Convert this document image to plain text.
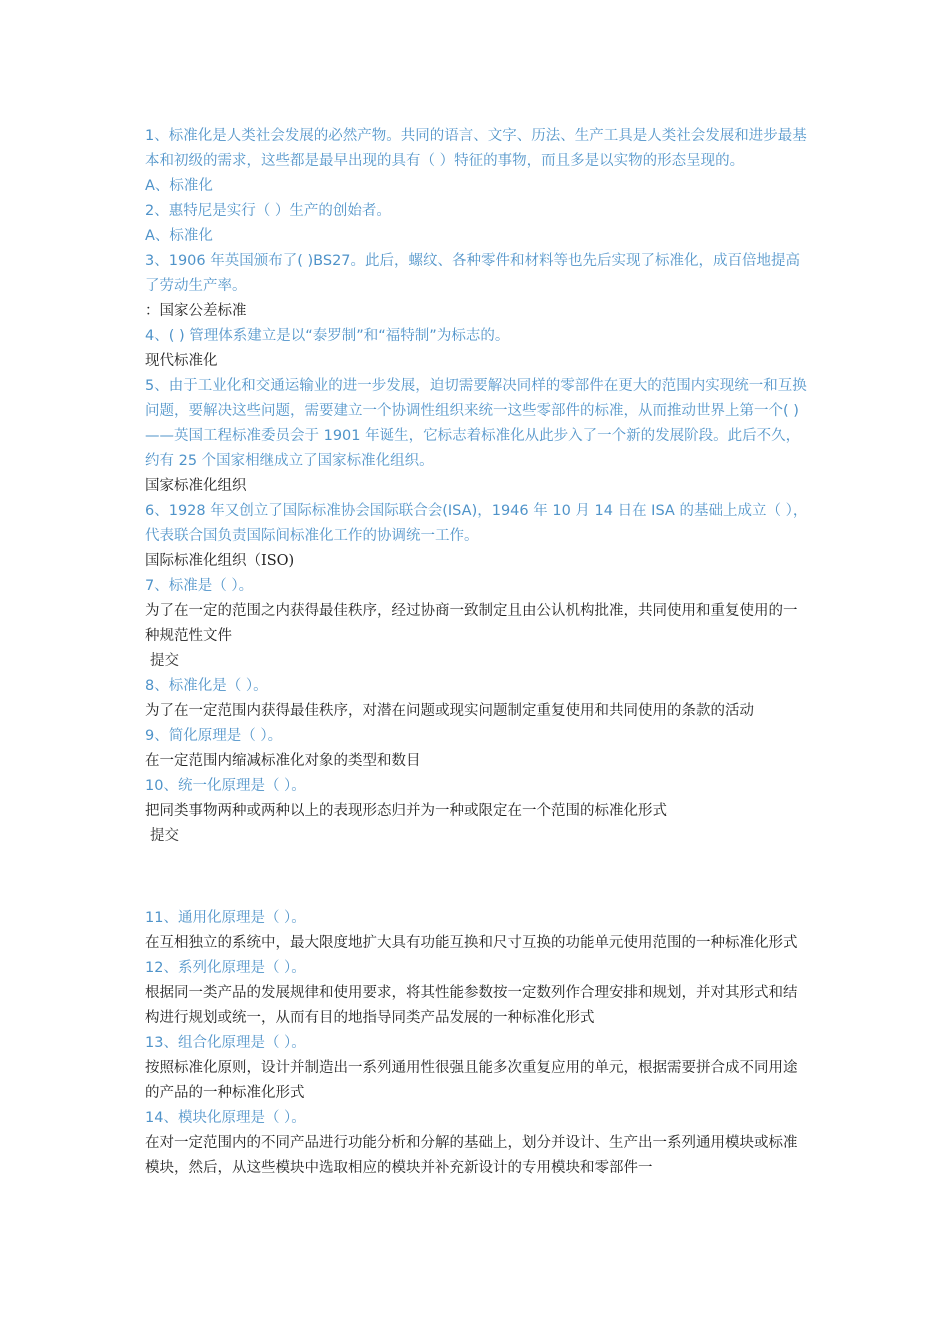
1、标准化是人类社会发展的必然产物。共同的语言、文字、历法、生产工具是人类社会发展和进步最基本和初级的需求，这些都是最早出现的具有（ ）特征的事物，而且多是以实物的形态呈现的。

A、标准化

2、惠特尼是实行（ ）生产的创始者。

A、标准化

3、1906 年英国颁布了( )BS27。此后，螺纹、各种零件和材料等也先后实现了标准化，成百倍地提高了劳动生产率。

：国家公差标准

4、( ) 管理体系建立是以“泰罗制”和“福特制”为标志的。

现代标准化

5、由于工业化和交通运输业的进一步发展，迫切需要解决同样的零部件在更大的范围内实现统一和互换问题，要解决这些问题，需要建立一个协调性组织来统一这些零部件的标准，从而推动世界上第一个( )——英国工程标准委员会于 1901 年诞生，它标志着标准化从此步入了一个新的发展阶段。此后不久，约有 25 个国家相继成立了国家标准化组织。

国家标准化组织

6、1928 年又创立了国际标准协会国际联合会(ISA)，1946 年 10 月 14 日在 ISA 的基础上成立（ ），代表联合国负责国际间标准化工作的协调统一工作。

国际标准化组织（ISO)

7、标准是（ ）。

为了在一定的范围之内获得最佳秩序，经过协商一致制定且由公认机构批准，共同使用和重复使用的一种规范性文件

提交

8、标准化是（ ）。

为了在一定范围内获得最佳秩序，对潜在问题或现实问题制定重复使用和共同使用的条款的活动

9、简化原理是（ ）。

在一定范围内缩减标准化对象的类型和数目

10、统一化原理是（ ）。

把同类事物两种或两种以上的表现形态归并为一种或限定在一个范围的标准化形式

提交

11、通用化原理是（ ）。

在互相独立的系统中，最大限度地扩大具有功能互换和尺寸互换的功能单元使用范围的一种标准化形式

12、系列化原理是（ ）。

根据同一类产品的发展规律和使用要求，将其性能参数按一定数列作合理安排和规划，并对其形式和结构进行规划或统一，从而有目的地指导同类产品发展的一种标准化形式

13、组合化原理是（ ）。

按照标准化原则，设计并制造出一系列通用性很强且能多次重复应用的单元，根据需要拼合成不同用途的产品的一种标准化形式

14、模块化原理是（ ）。

在对一定范围内的不同产品进行功能分析和分解的基础上，划分并设计、生产出一系列通用模块或标准模块，然后，从这些模块中选取相应的模块并补充新设计的专用模块和零部件一
